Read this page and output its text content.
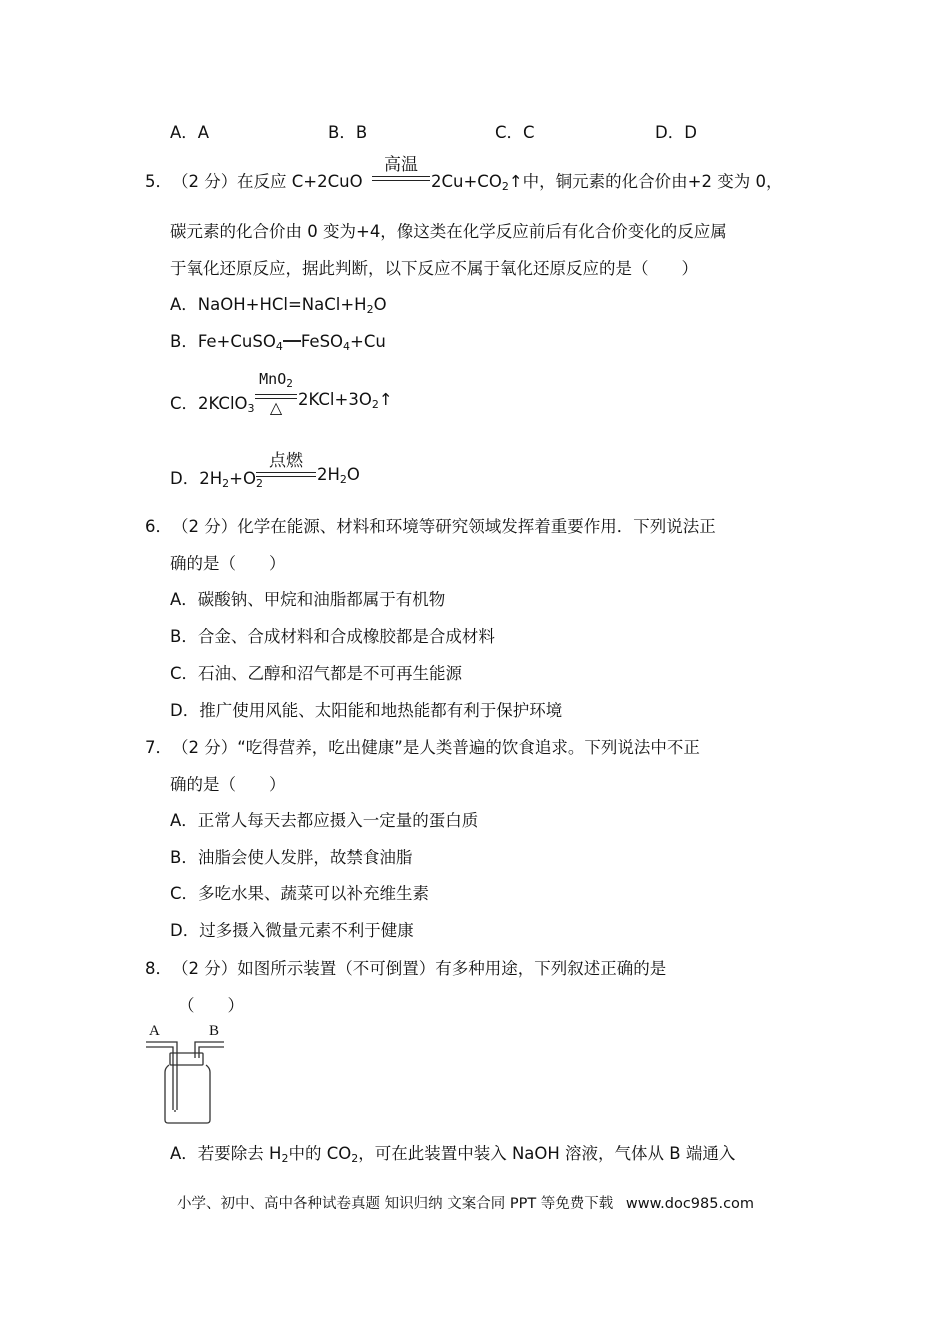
A．A	B．B	C．C	D．D
5． （2 分） 在反应 C+2CuO
高温
$2Cu+CO_2↑$中，铜元素的化合价由+2 变为 0，
碳元素的化合价由 0 变为+4，像这类在化学反应前后有化合价变化的反应属
于氧化还原反应，据此判断，以下反应不属于氧化还原反应的是（　　）
A．$NaOH+HCl=NaCl+H_2O$
B．Fe+CuSO$_4$ FeSO$_4$+Cu
C．2KClO$_3$
MnO$_2$
△ $2KCl+3O_2↑$
D．$2H_2+O_2$
点燃
$2H_2O$
6． （2 分）化学在能源、材料和环境等研究领域发挥着重要作用．下列说法正
确的是（　　）
A．碳酸钠、甲烷和油脂都属于有机物
B．合金、合成材料和合成橡胶都是合成材料
C．石油、乙醇和沼气都是不可再生能源
D．推广使用风能、太阳能和地热能都有利于保护环境
7． （2 分）“吃得营养，吃出健康”是人类普遍的饮食追求。下列说法中不正
确的是（　　）
A．正常人每天去都应摄入一定量的蛋白质
B．油脂会使人发胖，故禁食油脂
C．多吃水果、蔬菜可以补充维生素
D．过多摄入微量元素不利于健康
8． （2 分）如图所示装置（不可倒置）有多种用途，下列叙述正确的是
（　　）
A	B
A．若要除去 $H_2$中的 $CO_2$，可在此装置中装入 NaOH 溶液，气体从 B 端通入
小学、初中、高中各种试卷真题 知识归纳 文案合同 PPT 等免费下载 www.doc985.com
